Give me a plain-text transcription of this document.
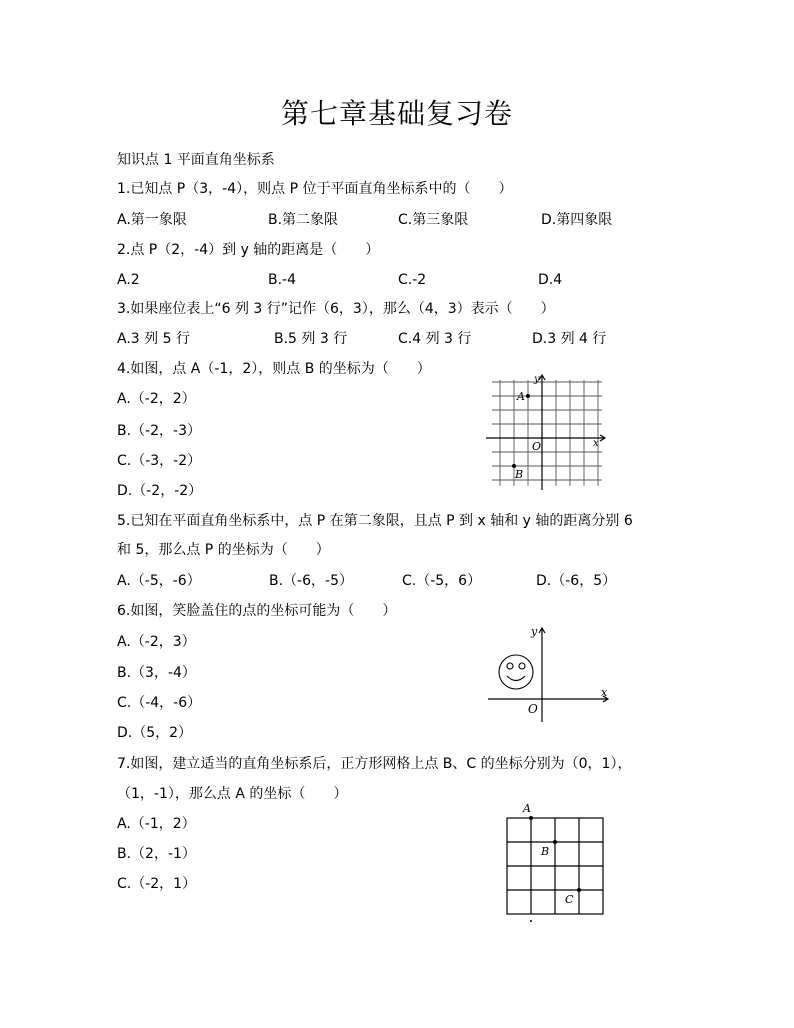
第七章基础复习卷
知识点 1 平面直角坐标系
1.已知点 P（3，-4），则点 P 位于平面直角坐标系中的（　　）
A.第一象限	B.第二象限	C.第三象限	D.第四象限
2.点 P（2，-4）到 y 轴的距离是（　　）
A.2	B.-4	C.-2	D.4
3.如果座位表上“6 列 3 行”记作（6，3），那么（4，3）表示（　　）
A.3 列 5 行	B.5 列 3 行	C.4 列 3 行	D.3 列 4 行
4.如图，点 A（-1，2），则点 B 的坐标为（　　）
A.（-2，2）
B.（-2，-3）
C.（-3，-2）
D.（-2，-2）
y
x
O
A
B
5.已知在平面直角坐标系中，点 P 在第二象限，且点 P 到 x 轴和 y 轴的距离分别 6
和 5，那么点 P 的坐标为（　　）
A.（-5，-6）	B.（-6，-5）	C.（-5，6）	D.（-6，5）
6.如图，笑脸盖住的点的坐标可能为（　　）
A.（-2，3）
B.（3，-4）
C.（-4，-6）
D.（5，2）
y
x
O
7.如图，建立适当的直角坐标系后，正方形网格上点 B、C 的坐标分别为（0，1），
（1，-1），那么点 A 的坐标（　　）
A.（-1，2）
B.（2，-1）
C.（-2，1）
A
B
C
